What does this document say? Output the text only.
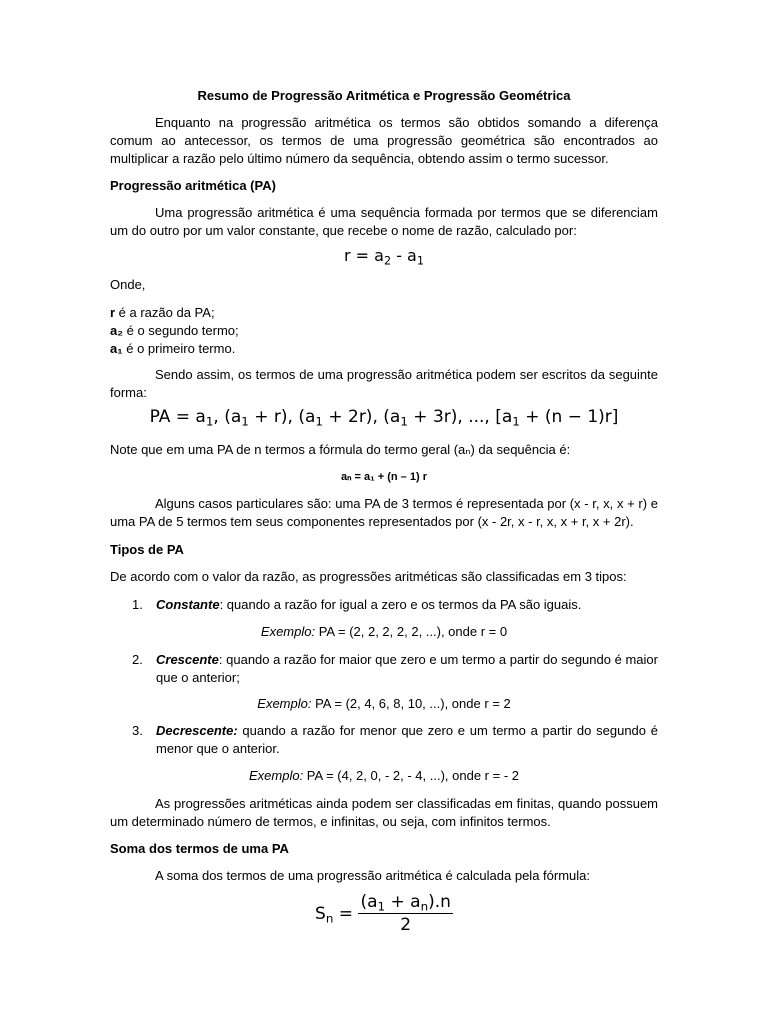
Resumo de Progressão Aritmética e Progressão Geométrica

Enquanto na progressão aritmética os termos são obtidos somando a diferença comum ao antecessor, os termos de uma progressão geométrica são encontrados ao multiplicar a razão pelo último número da sequência, obtendo assim o termo sucessor.

Progressão aritmética (PA)

Uma progressão aritmética é uma sequência formada por termos que se diferenciam um do outro por um valor constante, que recebe o nome de razão, calculado por:

$r = a_2 - a_1$

Onde,

r é a razão da PA;
a₂ é o segundo termo;
a₁ é o primeiro termo.

Sendo assim, os termos de uma progressão aritmética podem ser escritos da seguinte forma:

PA = $a_1$, $(a_1 + r)$, $(a_1 + 2r)$, $(a_1 + 3r)$, ..., $[a_1 + (n - 1)r]$

Note que em uma PA de n termos a fórmula do termo geral (aₙ) da sequência é:

aₙ = a₁ + (n – 1) r

Alguns casos particulares são: uma PA de 3 termos é representada por (x - r, x, x + r) e uma PA de 5 termos tem seus componentes representados por (x - 2r, x - r, x, x + r, x + 2r).

Tipos de PA

De acordo com o valor da razão, as progressões aritméticas são classificadas em 3 tipos:

1. Constante: quando a razão for igual a zero e os termos da PA são iguais.

Exemplo: PA = (2, 2, 2, 2, 2, ...), onde r = 0

2. Crescente: quando a razão for maior que zero e um termo a partir do segundo é maior que o anterior;

Exemplo: PA = (2, 4, 6, 8, 10, ...), onde r = 2

3. Decrescente: quando a razão for menor que zero e um termo a partir do segundo é menor que o anterior.

Exemplo: PA = (4, 2, 0, - 2, - 4, ...), onde r = - 2

As progressões aritméticas ainda podem ser classificadas em finitas, quando possuem um determinado número de termos, e infinitas, ou seja, com infinitos termos.

Soma dos termos de uma PA

A soma dos termos de uma progressão aritmética é calculada pela fórmula:

$S_n = \frac{(a_1 + a_n).n}{2}$
